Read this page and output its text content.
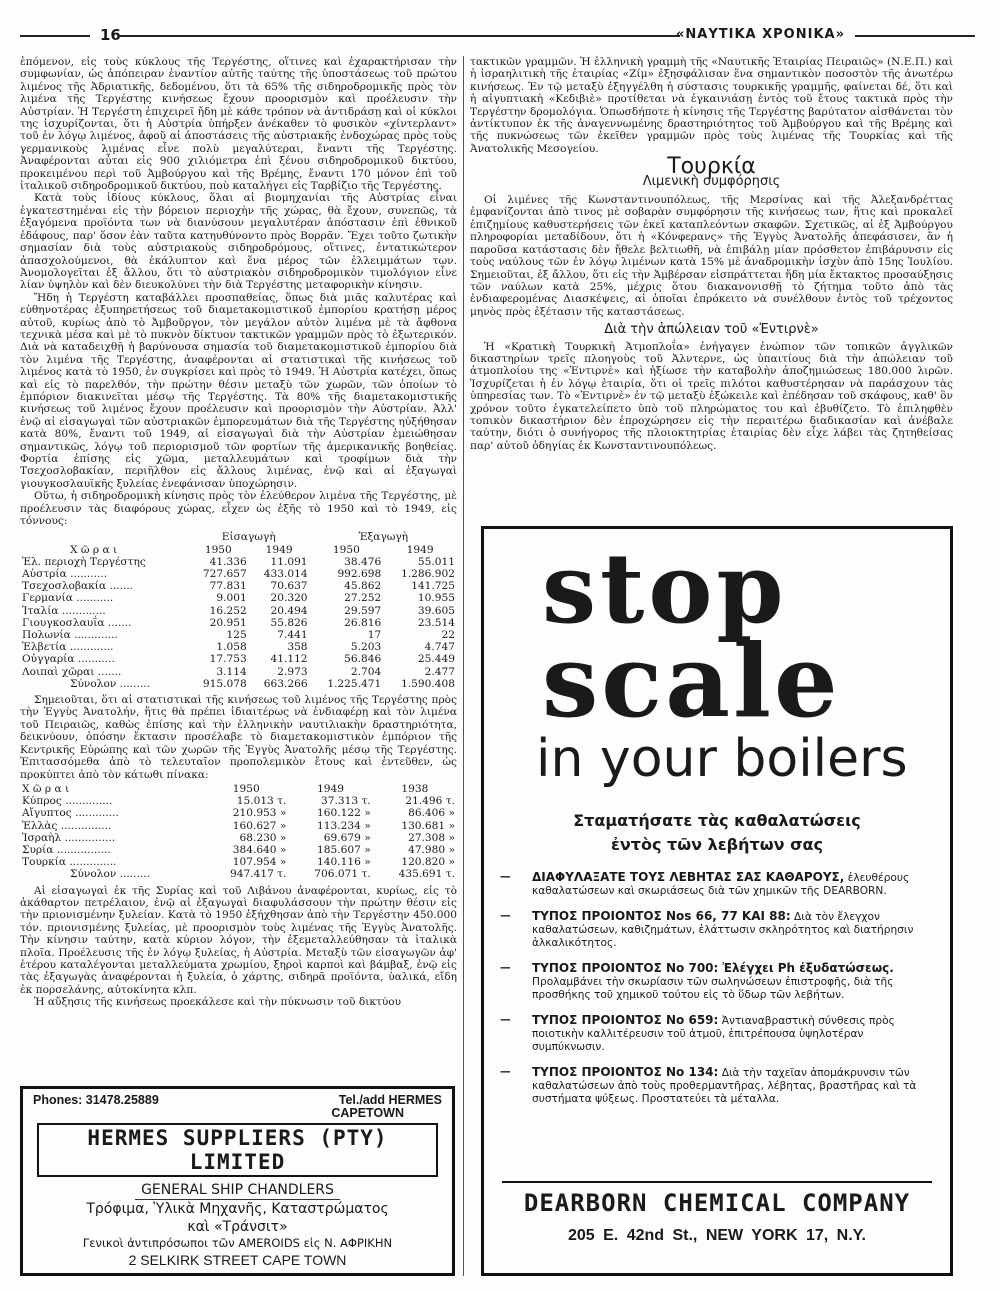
16	«ΝΑΥΤΙΚΑ ΧΡΟΝΙΚΑ»

ἑπόμενον, εἰς τοὺς κύκλους τῆς Τεργέστης, οἵτινες καὶ ἐχαρακτήρισαν τὴν συμφωνίαν, ὡς ἀπόπειραν ἐναντίον αὐτῆς ταύτης τῆς ὑποστάσεως τοῦ πρώτου λιμένος τῆς Ἀδριατικῆς, δεδομένου, ὅτι τὰ 65% τῆς σιδηροδρομικῆς πρὸς τὸν λιμένα τῆς Τεργέστης κινήσεως ἔχουν προορισμὸν καὶ προέλευσιν τὴν Αὐστρίαν. Ἡ Τεργέστη ἐπιχειρεῖ ἤδη μὲ κάθε τρόπον νὰ ἀντιδράσῃ καὶ οἱ κύκλοι της ἰσχυρίζονται, ὅτι ἡ Αὐστρία ὑπήρξεν ἀνέκαθεν τὸ φυσικὸν «χίντερλαντ» τοῦ ἐν λόγῳ λιμένος, ἀφοῦ αἱ ἀποστάσεις τῆς αὐστριακῆς ἐνδοχώρας πρὸς τοὺς γερμανικοὺς λιμένας εἶνε πολὺ μεγαλύτεραι, ἔναντι τῆς Τεργέστης. Ἀναφέρονται αὗται εἰς 900 χιλιόμετρα ἐπὶ ξένου σιδηροδρομικοῦ δικτύου, προκειμένου περὶ τοῦ Ἀμβούργου καὶ τῆς Βρέμης, ἔναντι 170 μόνον ἐπὶ τοῦ ἰταλικοῦ σιδηροδρομικοῦ δικτύου, ποὺ καταλήγει εἰς Ταρβίζιο τῆς Τεργέστης.

Κατὰ τοὺς ἰδίους κύκλους, ὅλαι αἱ βιομηχανίαι τῆς Αὐστρίας εἶναι ἐγκατεστημέναι εἰς τὴν βόρειον περιοχὴν τῆς χώρας, θὰ ἔχουν, συνεπῶς, τὰ ἐξαγόμενα προϊόντα των νὰ διανύσουν μεγαλυτέραν ἀπόστασιν ἐπὶ ἐθνικοῦ ἐδάφους, παρ' ὅσον ἐὰν ταῦτα κατηυθύνοντο πρὸς Βορρᾶν. Ἔχει τοῦτο ζωτικὴν σημασίαν διὰ τοὺς αὐστριακοὺς σιδηροδρόμους, οἵτινες, ἐντατικώτερον ἀπασχολούμενοι, θὰ ἐκάλυπτον καὶ ἕνα μέρος τῶν ἐλλειμμάτων των. Ἀνομολογεῖται ἐξ ἄλλου, ὅτι τὸ αὐστριακὸν σιδηροδρομικὸν τιμολόγιον εἶνε λίαν ὑψηλὸν καὶ δὲν διευκολύνει τὴν διὰ Τεργέστης μεταφορικὴν κίνησιν.

Ἤδη ἡ Τεργέστη καταβάλλει προσπαθείας, ὅπως διὰ μιᾶς καλυτέρας καὶ εὐθηνοτέρας ἐξυπηρετήσεως τοῦ διαμετακομιστικοῦ ἐμπορίου κρατήσῃ μέρος αὐτοῦ, κυρίως ἀπὸ τὸ Ἀμβοῦργον, τὸν μεγάλον αὐτὸν λιμένα μὲ τὰ ἄφθονα τεχνικὰ μέσα καὶ μὲ τὸ πυκνὸν δίκτυον τακτικῶν γραμμῶν πρὸς τὸ ἐξωτερικόν. Διὰ νὰ καταδειχθῇ ἡ βαρύνουσα σημασία τοῦ διαμετακομιστικοῦ ἐμπορίου διὰ τὸν λιμένα τῆς Τεργέστης, ἀναφέρονται αἱ στατιστικαὶ τῆς κινήσεως τοῦ λιμένος κατὰ τὸ 1950, ἐν συγκρίσει καὶ πρὸς τὸ 1949. Ἡ Αὐστρία κατέχει, ὅπως καὶ εἰς τὸ παρελθόν, τὴν πρώτην θέσιν μεταξὺ τῶν χωρῶν, τῶν ὁποίων τὸ ἐμπόριον διακινεῖται μέσῳ τῆς Τεργέστης. Τὰ 80% τῆς διαμετακομιστικῆς κινήσεως τοῦ λιμένος ἔχουν προέλευσιν καὶ προορισμὸν τὴν Αὐστρίαν. Ἀλλ' ἐνῷ αἱ εἰσαγωγαὶ τῶν αὐστριακῶν ἐμπορευμάτων διὰ τῆς Τεργέστης ηὐξήθησαν κατὰ 80%, ἔναντι τοῦ 1949, αἱ εἰσαγωγαὶ διὰ τὴν Αὐστρίαν ἐμειώθησαν σημαντικῶς, λόγῳ τοῦ περιορισμοῦ τῶν φορτίων τῆς ἀμερικανικῆς βοηθείας. Φορτία ἐπίσης εἰς χῶμα, μεταλλευμάτων καὶ τροφίμων διὰ τὴν Τσεχοσλοβακίαν, περιῆλθον εἰς ἄλλους λιμένας, ἐνῷ καὶ αἱ ἐξαγωγαὶ γιουγκοσλαυϊκῆς ξυλείας ἐνεφάνισαν ὑποχώρησιν.

Οὕτω, ἡ σιδηροδρομικὴ κίνησις πρὸς τὸν ἐλεύθερον λιμένα τῆς Τεργέστης, μὲ προέλευσιν τὰς διαφόρους χώρας, εἶχεν ὡς ἑξῆς τὸ 1950 καὶ τὸ 1949, εἰς τόννους:

	Εἰσαγωγὴ		Ἐξαγωγὴ	
Χ ῶ ρ α ι	1950	1949	1950	1949
Ἐλ. περιοχὴ Τεργέστης	41.336	11.091	38.476	55.011
Αὐστρία ...........	727.657	433.014	992.698	1.286.902
Τσεχοσλοβακία .......	77.831	70.637	45.862	141.725
Γερμανία ...........	9.001	20.320	27.252	10.955
Ἰταλία .............	16.252	20.494	29.597	39.605
Γιουγκοσλαυΐα .......	20.951	55.826	26.816	23.514
Πολωνία .............	125	7.441	17	22
Ἑλβετία .............	1.058	358	5.203	4.747
Οὐγγαρία ...........	17.753	41.112	56.846	25.449
Λοιπαὶ χῶραι .......	3.114	2.973	2.704	2.477
Σύνολον .........	915.078	663.266	1.225.471	1.590.408

Σημειοῦται, ὅτι αἱ στατιστικαὶ τῆς κινήσεως τοῦ λιμένος τῆς Τεργέστης πρὸς τὴν Ἐγγὺς Ἀνατολήν, ἥτις θὰ πρέπει ἰδιαιτέρως νὰ ἐνδιαφέρῃ καὶ τὸν λιμένα τοῦ Πειραιῶς, καθὼς ἐπίσης καὶ τὴν ἑλληνικὴν ναυτιλιακὴν δραστηριότητα, δεικνύουν, ὁπόσην ἔκτασιν προσέλαβε τὸ διαμετακομιστικὸν ἐμπόριον τῆς Κεντρικῆς Εὐρώπης καὶ τῶν χωρῶν τῆς Ἐγγὺς Ἀνατολῆς μέσῳ τῆς Τεργέστης. Ἐπιτασσόμεθα ἀπὸ τὸ τελευταῖον προπολεμικὸν ἔτους καὶ ἐντεῦθεν, ὡς προκύπτει ἀπὸ τὸν κάτωθι πίνακα:

Χ ῶ ρ α ι	1950	1949	1938
Κύπρος ..............	15.013 τ.	37.313 τ.	21.496 τ.
Αἴγυπτος .............	210.953 »	160.122 »	86.406 »
Ἑλλὰς ...............	160.627 »	113.234 »	130.681 »
Ἰσραὴλ ...............	68.230 »	69.679 »	27.308 »
Συρία ................	384.640 »	185.607 »	47.980 »
Τουρκία ..............	107.954 »	140.116 »	120.820 »
Σύνολον .........	947.417 τ.	706.071 τ.	435.691 τ.

Αἱ εἰσαγωγαὶ ἐκ τῆς Συρίας καὶ τοῦ Λιβάνου ἀναφέρονται, κυρίως, εἰς τὸ ἀκάθαρτον πετρέλαιον, ἐνῷ αἱ ἐξαγωγαὶ διαφυλάσσουν τὴν πρώτην θέσιν εἰς τὴν πριονισμένην ξυλείαν. Κατὰ τὸ 1950 ἐξήχθησαν ἀπὸ τὴν Τεργέστην 450.000 τόν. πριονισμένης ξυλείας, μὲ προορισμὸν τοὺς λιμένας τῆς Ἐγγὺς Ἀνατολῆς. Τὴν κίνησιν ταύτην, κατὰ κύριον λόγον, τὴν ἐξεμεταλλεύθησαν τὰ ἰταλικὰ πλοῖα. Προέλευσις τῆς ἐν λόγῳ ξυλείας, ἡ Αὐστρία. Μεταξὺ τῶν εἰσαγωγῶν ἀφ' ἑτέρου καταλέγονται μεταλλεύματα χρωμίου, ξηροὶ καρποὶ καὶ βάμβαξ, ἐνῷ εἰς τὰς ἐξαγωγὰς ἀναφέρονται ἡ ξυλεία, ὁ χάρτης, σιδηρᾶ προϊόντα, ὑαλικά, εἴδη ἐκ πορσελάνης, αὐτοκίνητα κλπ.

Ἡ αὔξησις τῆς κινήσεως προεκάλεσε καὶ τὴν πύκνωσιν τοῦ δικτύου

τακτικῶν γραμμῶν. Ἡ ἑλληνικὴ γραμμὴ τῆς «Ναυτικῆς Ἑταιρίας Πειραιῶς» (Ν.Ε.Π.) καὶ ἡ ἰσραηλιτικὴ τῆς ἑταιρίας «Ζίμ» ἐξησφάλισαν ἕνα σημαντικὸν ποσοστὸν τῆς ἀνωτέρω κινήσεως. Ἐν τῷ μεταξὺ ἐξηγγέλθη ἡ σύστασις τουρκικῆς γραμμῆς, φαίνεται δέ, ὅτι καὶ ἡ αἰγυπτιακὴ «Κεδιβιὲ» προτίθεται νὰ ἐγκαινιάσῃ ἐντὸς τοῦ ἔτους τακτικὰ πρὸς τὴν Τεργέστην δρομολόγια. Ὁπωσδήποτε ἡ κίνησις τῆς Τεργέστης βαρύτατον αἰσθάνεται τὸν ἀντίκτυπον ἐκ τῆς ἀναγεννωμένης δραστηριότητος τοῦ Ἀμβούργου καὶ τῆς Βρέμης καὶ τῆς πυκνώσεως τῶν ἐκεῖθεν γραμμῶν πρὸς τοὺς λιμένας τῆς Τουρκίας καὶ τῆς Ἀνατολικῆς Μεσογείου.

Τουρκία
Λιμενικὴ συμφόρησις

Οἱ λιμένες τῆς Κωνσταντινουπόλεως, τῆς Μερσίνας καὶ τῆς Ἀλεξανδρέττας ἐμφανίζονται ἀπὸ τινος μὲ σοβαρὰν συμφόρησιν τῆς κινήσεως των, ἥτις καὶ προκαλεῖ ἐπιζημίους καθυστερήσεις τῶν ἐκεῖ καταπλεόντων σκαφῶν. Σχετικῶς, αἱ ἐξ Ἀμβούργου πληροφορίαι μεταδίδουν, ὅτι ἡ «Κόνφερανς» τῆς Ἐγγὺς Ἀνατολῆς ἀπεφάσισεν, ἂν ἡ παροῦσα κατάστασις δὲν ἤθελε βελτιωθῆ, νὰ ἐπιβάλῃ μίαν πρόσθετον ἐπιβάρυνσιν εἰς τοὺς ναύλους τῶν ἐν λόγῳ λιμένων κατὰ 15% μὲ ἀναδρομικὴν ἰσχὺν ἀπὸ 15ης Ἰουλίου. Σημειοῦται, ἐξ ἄλλου, ὅτι εἰς τὴν Ἀμβέρσαν εἰσπράττεται ἤδη μία ἔκτακτος προσαύξησις τῶν ναύλων κατὰ 25%, μέχρις ὅτου διακανονισθῇ τὸ ζήτημα τοῦτο ἀπὸ τὰς ἐνδιαφερομένας Διασκέψεις, αἱ ὁποῖαι ἐπρόκειτο νὰ συνέλθουν ἐντὸς τοῦ τρέχοντος μηνὸς πρὸς ἐξέτασιν τῆς καταστάσεως.

Διὰ τὴν ἀπώλειαν τοῦ «Ἐντιρνὲ»

Ἡ «Κρατικὴ Τουρκικὴ Ἀτμοπλοΐα» ἐνήγαγεν ἐνώπιον τῶν τοπικῶν ἀγγλικῶν δικαστηρίων τρεῖς πλοηγοὺς τοῦ Ἀλντερνε, ὡς ὑπαιτίους διὰ τὴν ἀπώλειαν τοῦ ἀτμοπλοίου της «Ἐντιρνὲ» καὶ ἠξίωσε τὴν καταβολὴν ἀποζημιώσεως 180.000 λιρῶν. Ἰσχυρίζεται ἡ ἐν λόγῳ ἑταιρία, ὅτι οἱ τρεῖς πιλότοι καθυστέρησαν νὰ παράσχουν τὰς ὑπηρεσίας των. Τὸ «Ἐντιρνὲ» ἐν τῷ μεταξὺ ἐξώκειλε καὶ ἐπέδησαν τοῦ σκάφους, καθ' ὃν χρόνον τοῦτο ἐγκατελείπετο ὑπὸ τοῦ πληρώματος του καὶ ἐβυθίζετο. Τὸ ἐπιληφθὲν τοπικὸν δικαστήριον δὲν ἐπροχώρησεν εἰς τὴν περαιτέρω διαδικασίαν καὶ ἀνέβαλε ταύτην, διότι ὁ συνήγορος τῆς πλοιοκτητρίας ἑταιρίας δὲν εἶχε λάβει τὰς ζητηθείσας παρ' αὐτοῦ ὁδηγίας ἐκ Κωνσταντινουπόλεως.

Phones: 31478.25889	Tel./add HERMES
CAPETOWN
HERMES SUPPLIERS (PTY) LIMITED
GENERAL SHIP CHANDLERS
Τρόφιμα, Ὑλικὰ Μηχανῆς, Καταστρώματος
καὶ «Τράνσιτ»
Γενικοὶ ἀντιπρόσωποι τῶν AMEROIDS εἰς Ν. ΑΦΡΙΚΗΝ
2 SELKIRK STREET CAPE TOWN
stop
scale
in your boilers
Σταματήσατε τὰς καθαλατώσεις
ἐντὸς τῶν λεβήτων σας
—	ΔΙΑΦΥΛΑΞΑΤΕ ΤΟΥΣ ΛΕΒΗΤΑΣ ΣΑΣ ΚΑΘΑΡΟΥΣ, ἐλευθέρους καθαλατώσεων καὶ σκωριάσεως διὰ τῶν χημικῶν τῆς DEARBORN.
—	ΤΥΠΟΣ ΠΡΟΙΟΝΤΟΣ Nos 66, 77 ΚΑΙ 88: Διὰ τὸν ἔλεγχον καθαλατώσεων, καθιζημάτων, ἐλάττωσιν σκληρότητος καὶ διατήρησιν ἀλκαλικότητος.
—	ΤΥΠΟΣ ΠΡΟΙΟΝΤΟΣ Νο 700: Ἐλέγχει Ph ἐξυδατώσεως. Προλαμβάνει τὴν σκωρίασιν τῶν σωληνώσεων ἐπιστροφῆς, διὰ τῆς προσθήκης τοῦ χημικοῦ τούτου εἰς τὸ ὕδωρ τῶν λεβήτων.
—	ΤΥΠΟΣ ΠΡΟΙΟΝΤΟΣ Νο 659: Ἀντιαναβραστικὴ σύνθεσις πρὸς ποιοτικὴν καλλιτέρευσιν τοῦ ἀτμοῦ, ἐπιτρέπουσα ὑψηλοτέραν συμπύκνωσιν.
—	ΤΥΠΟΣ ΠΡΟΙΟΝΤΟΣ Νο 134: Διὰ τὴν ταχεῖαν ἀπομάκρυνσιν τῶν καθαλατώσεων ἀπὸ τοὺς προθερμαντῆρας, λέβητας, βραστῆρας καὶ τὰ συστήματα ψύξεως. Προστατεύει τὰ μέταλλα.
DEARBORN CHEMICAL COMPANY
205 E. 42nd St., NEW YORK 17, N.Y.
